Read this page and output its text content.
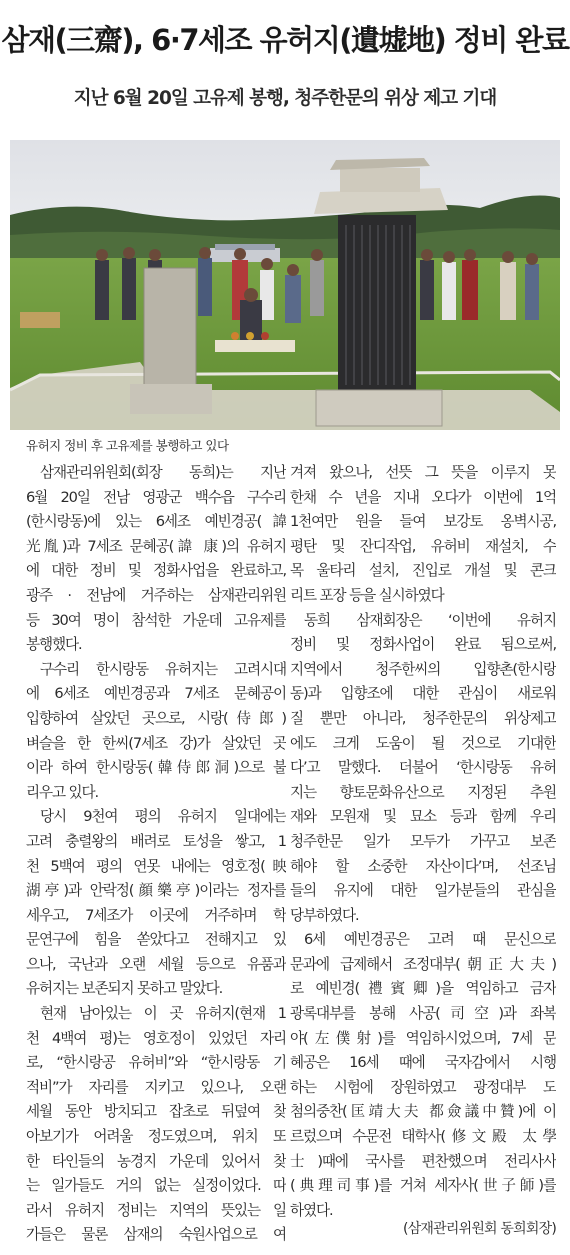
삼재(三齋), 6·7세조 유허지(遺墟地) 정비 완료
지난 6월 20일 고유제 봉행, 청주한문의 위상 제고 기대
유허지 정비 후 고유제를 봉행하고 있다
삼재관리위원회(회장 동희)는 지난
6월 20일 전남 영광군 백수읍 구수리
(한시랑동)에 있는 6세조 예빈경공(諱
光胤)과 7세조 문혜공(諱 康)의 유허지
에 대한 정비 및 정화사업을 완료하고,
광주 · 전남에 거주하는 삼재관리위원
등 30여 명이 참석한 가운데 고유제를
봉행했다.
구수리 한시랑동 유허지는 고려시대
에 6세조 예빈경공과 7세조 문혜공이
입향하여 살았던 곳으로, 시랑(侍郎)
벼슬을 한 한씨(7세조 강)가 살았던 곳
이라 하여 한시랑동(韓侍郎洞)으로 불
리우고 있다.
당시 9천여 평의 유허지 일대에는
고려 충렬왕의 배려로 토성을 쌓고, 1
천 5백여 평의 연못 내에는 영호정(映
湖亭)과 안락정(顔樂亭)이라는 정자를
세우고, 7세조가 이곳에 거주하며 학
문연구에 힘을 쏟았다고 전해지고 있
으나, 국난과 오랜 세월 등으로 유품과
유허지는 보존되지 못하고 말았다.
현재 남아있는 이 곳 유허지(현재 1
천 4백여 평)는 영호정이 있었던 자리
로, “한시랑공 유허비”와 “한시랑동 기
적비”가 자리를 지키고 있으나, 오랜
세월 동안 방치되고 잡초로 뒤덮여 찾
아보기가 어려울 정도였으며, 위치 또
한 타인들의 농경지 가운데 있어서 찾
는 일가들도 거의 없는 실정이었다. 따
라서 유허지 정비는 지역의 뜻있는 일
가들은 물론 삼재의 숙원사업으로 여
겨져 왔으나, 선뜻 그 뜻을 이루지 못
한채 수 년을 지내 오다가 이번에 1억
1천여만 원을 들여 보강토 옹벽시공,
평탄 및 잔디작업, 유허비 재설치, 수
목 울타리 설치, 진입로 개설 및 콘크
리트 포장 등을 실시하였다
동희 삼재회장은 ‘이번에 유허지
정비 및 정화사업이 완료 됨으로써,
지역에서 청주한씨의 입향촌(한시랑
동)과 입향조에 대한 관심이 새로워
질 뿐만 아니라, 청주한문의 위상제고
에도 크게 도움이 될 것으로 기대한
다’고 말했다. 더불어 ‘한시랑동 유허
지는 향토문화유산으로 지정된 추원
재와 모원재 및 묘소 등과 함께 우리
청주한문 일가 모두가 가꾸고 보존
해야 할 소중한 자산이다’며, 선조님
들의 유지에 대한 일가분들의 관심을
당부하였다.
6세 예빈경공은 고려 때 문신으로
문과에 급제해서 조정대부(朝正大夫)
로 예빈경(禮賓卿)을 역임하고 금자
광록대부를 봉해 사공(司空)과 좌복
야(左僕射)를 역임하시었으며, 7세 문
혜공은 16세 때에 국자감에서 시행
하는 시험에 장원하였고 광정대부 도
첨의중찬(匡靖大夫 都僉議中贊)에 이
르렀으며 수문전 태학사(修文殿 太學
士)때에 국사를 편찬했으며 전리사사
(典理司事)를 거쳐 세자사(世子師)를
하였다.
(삼재관리위원회 동희회장)
